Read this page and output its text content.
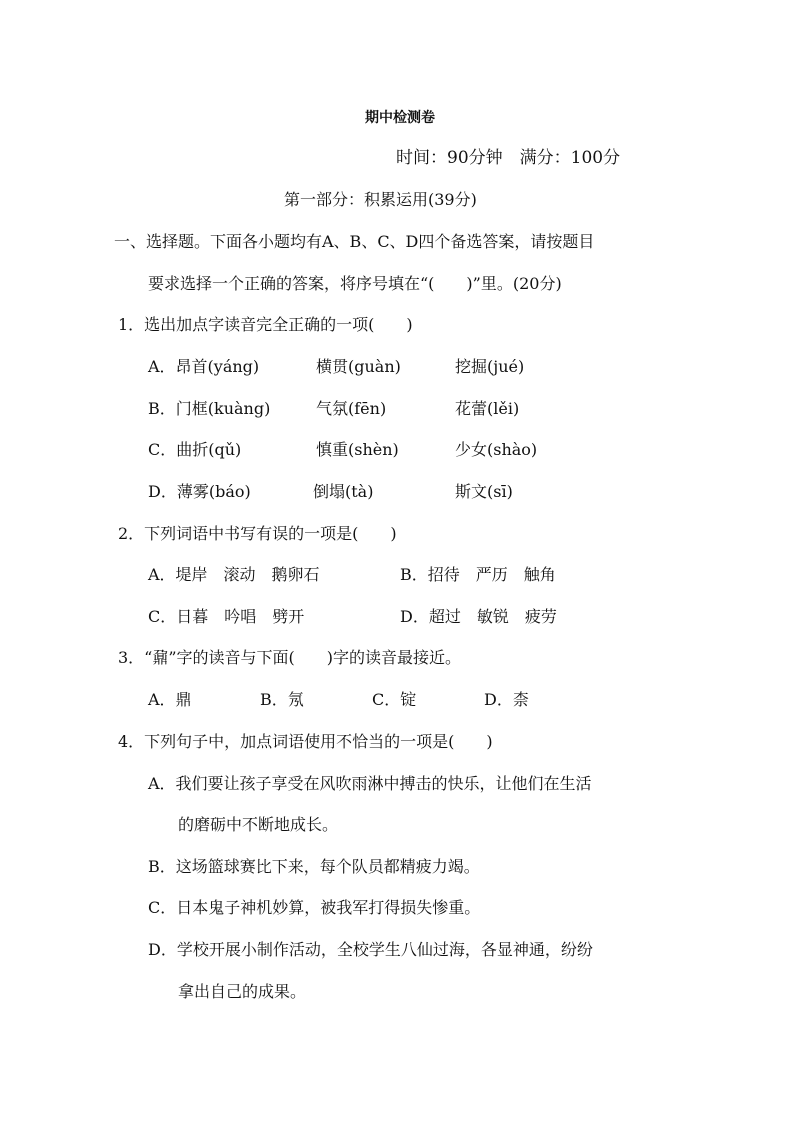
期中检测卷
时间：90分钟　满分：100分
第一部分：积累运用(39分)
一、选择题。下面各小题均有A、B、C、D四个备选答案，请按题目
要求选择一个正确的答案，将序号填在“(　　)”里。(20分)
1．选出加点字读音完全正确的一项(　　)
A．昂首(yáng)	横贯(guàn)	挖掘(jué)
B．门框(kuàng)	气氛(fēn)	花蕾(lěi)
C．曲折(qǔ)	慎重(shèn)	少女(shào)
D．薄雾(báo)	倒塌(tà)	斯文(sī)
2．下列词语中书写有误的一项是(　　)
A．堤岸　滚动　鹅卵石	B．招待　严历　触角
C．日暮　吟唱　劈开	D．超过　敏锐　疲劳
3．“鼐”字的读音与下面(　　)字的读音最接近。
A．鼎	B．氖	C．锭	D．柰
4．下列句子中，加点词语使用不恰当的一项是(　　)
A．我们要让孩子享受在风吹雨淋中搏击的快乐，让他们在生活
的磨砺中不断地成长。
B．这场篮球赛比下来，每个队员都精疲力竭。
C．日本鬼子神机妙算，被我军打得损失惨重。
D．学校开展小制作活动，全校学生八仙过海，各显神通，纷纷
拿出自己的成果。
